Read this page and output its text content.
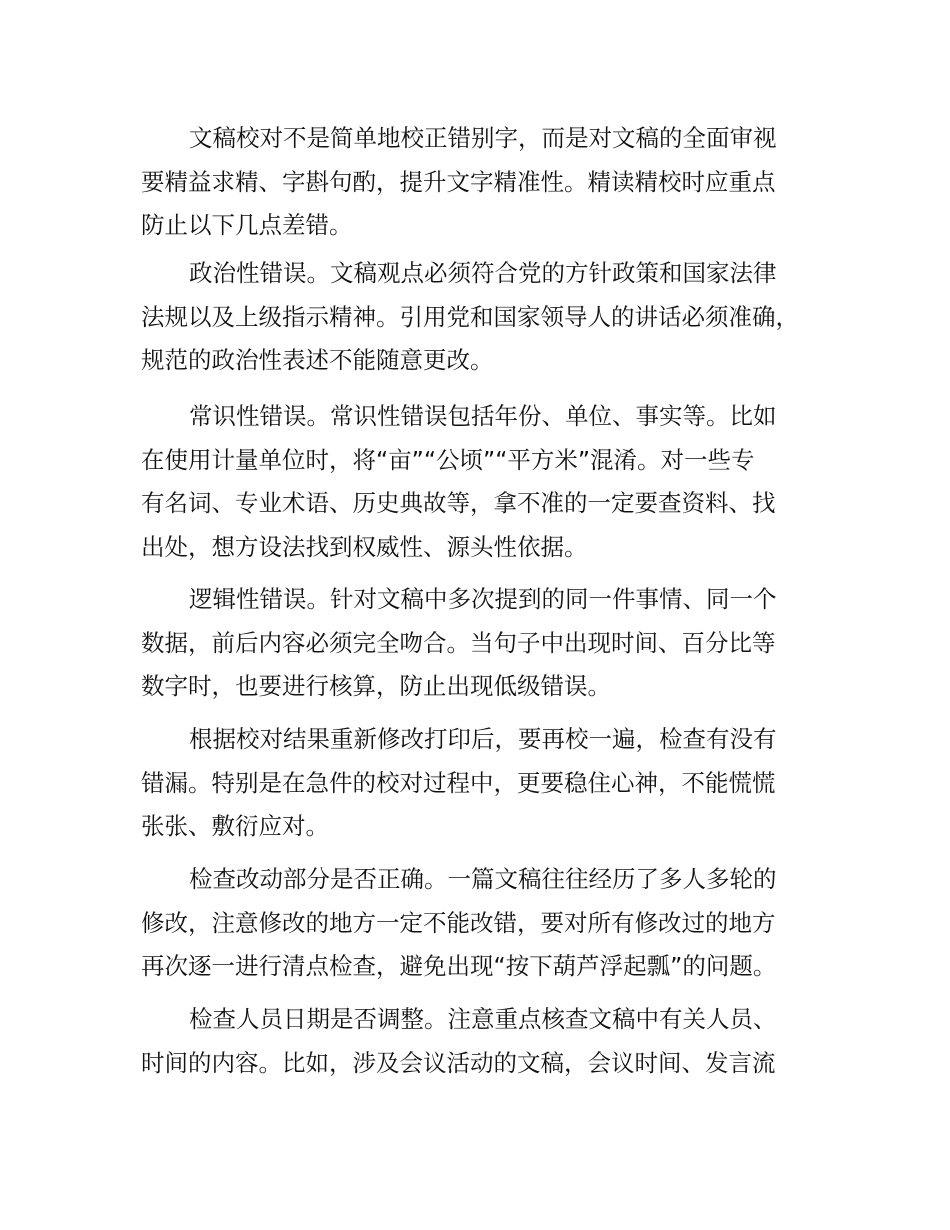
文稿校对不是简单地校正错别字，而是对文稿的全面审视
要精益求精、字斟句酌，提升文字精准性。精读精校时应重点
防止以下几点差错。
政治性错误。文稿观点必须符合党的方针政策和国家法律
法规以及上级指示精神。引用党和国家领导人的讲话必须准确，
规范的政治性表述不能随意更改。
常识性错误。常识性错误包括年份、单位、事实等。比如
在使用计量单位时，将“亩”“公顷”“平方米”混淆。对一些专
有名词、专业术语、历史典故等，拿不准的一定要查资料、找
出处，想方设法找到权威性、源头性依据。
逻辑性错误。针对文稿中多次提到的同一件事情、同一个
数据，前后内容必须完全吻合。当句子中出现时间、百分比等
数字时，也要进行核算，防止出现低级错误。
根据校对结果重新修改打印后，要再校一遍，检查有没有
错漏。特别是在急件的校对过程中，更要稳住心神，不能慌慌
张张、敷衍应对。
检查改动部分是否正确。一篇文稿往往经历了多人多轮的
修改，注意修改的地方一定不能改错，要对所有修改过的地方
再次逐一进行清点检查，避免出现“按下葫芦浮起瓢”的问题。
检查人员日期是否调整。注意重点核查文稿中有关人员、
时间的内容。比如，涉及会议活动的文稿，会议时间、发言流
